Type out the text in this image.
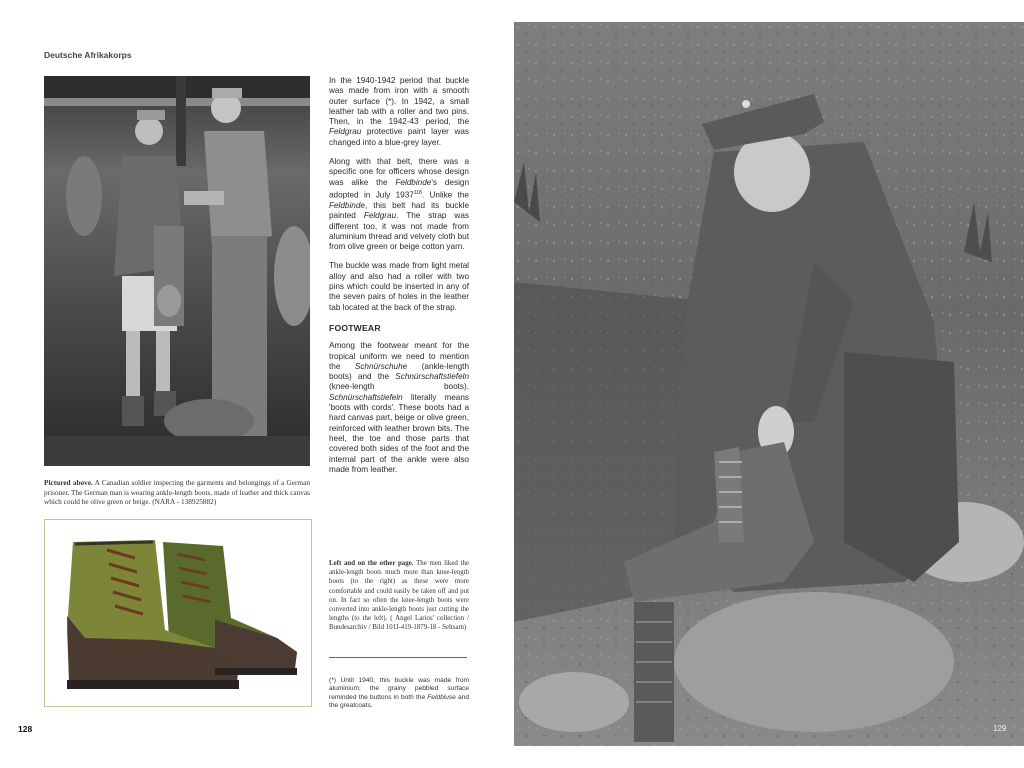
Deutsche Afrikakorps
Pictured above. A Canadian soldier inspecting the garments and belongings of a German prisoner. The German man is wearing ankle-length boots, made of leather and thick canvas which could be olive green or beige. (NARA - 138925882)

In the 1940-1942 period that buckle was made from iron with a smooth outer surface (*). In 1942, a small leather tab with a roller and two pins. Then, in the 1942-43 period, the Feldgrau protective paint layer was changed into a blue-grey layer.

Along with that belt, there was a specific one for officers whose design was alike the Feldbinde's design adopted in July 1937$^{118}$. Unlike the Feldbinde, this belt had its buckle painted Feldgrau. The strap was different too, it was not made from aluminium thread and velvety cloth but from olive green or beige cotton yarn.

The buckle was made from light metal alloy and also had a roller with two pins which could be inserted in any of the seven pairs of holes in the leather tab located at the back of the strap.

FOOTWEAR

Among the footwear meant for the tropical uniform we need to mention the Schnürschuhe (ankle-length boots) and the Schnürschaftstiefeln (knee-length boots). Schnürschaftstiefeln literally means 'boots with cords'. These boots had a hard canvas part, beige or olive green, reinforced with leather brown bits. The heel, the toe and those parts that covered both sides of the foot and the internal part of the ankle were also made from leather.

Left and on the other page. The men liked the ankle-length boots much more than knee-length boots (to the right) as these were more comfortable and could easily be taken off and put on. In fact so often the knee-length boots were converted into ankle-length boots just cutting the lengths (to the left). ( Angel Larios' collection / Bundesarchiv / Bild 101I-419-1879-18 - Seltsam)
(*) Until 1940, this buckle was made from aluminium; the grainy pebbled surface reminded the buttons in both the Feldbluse and the greatcoats.
128	129
